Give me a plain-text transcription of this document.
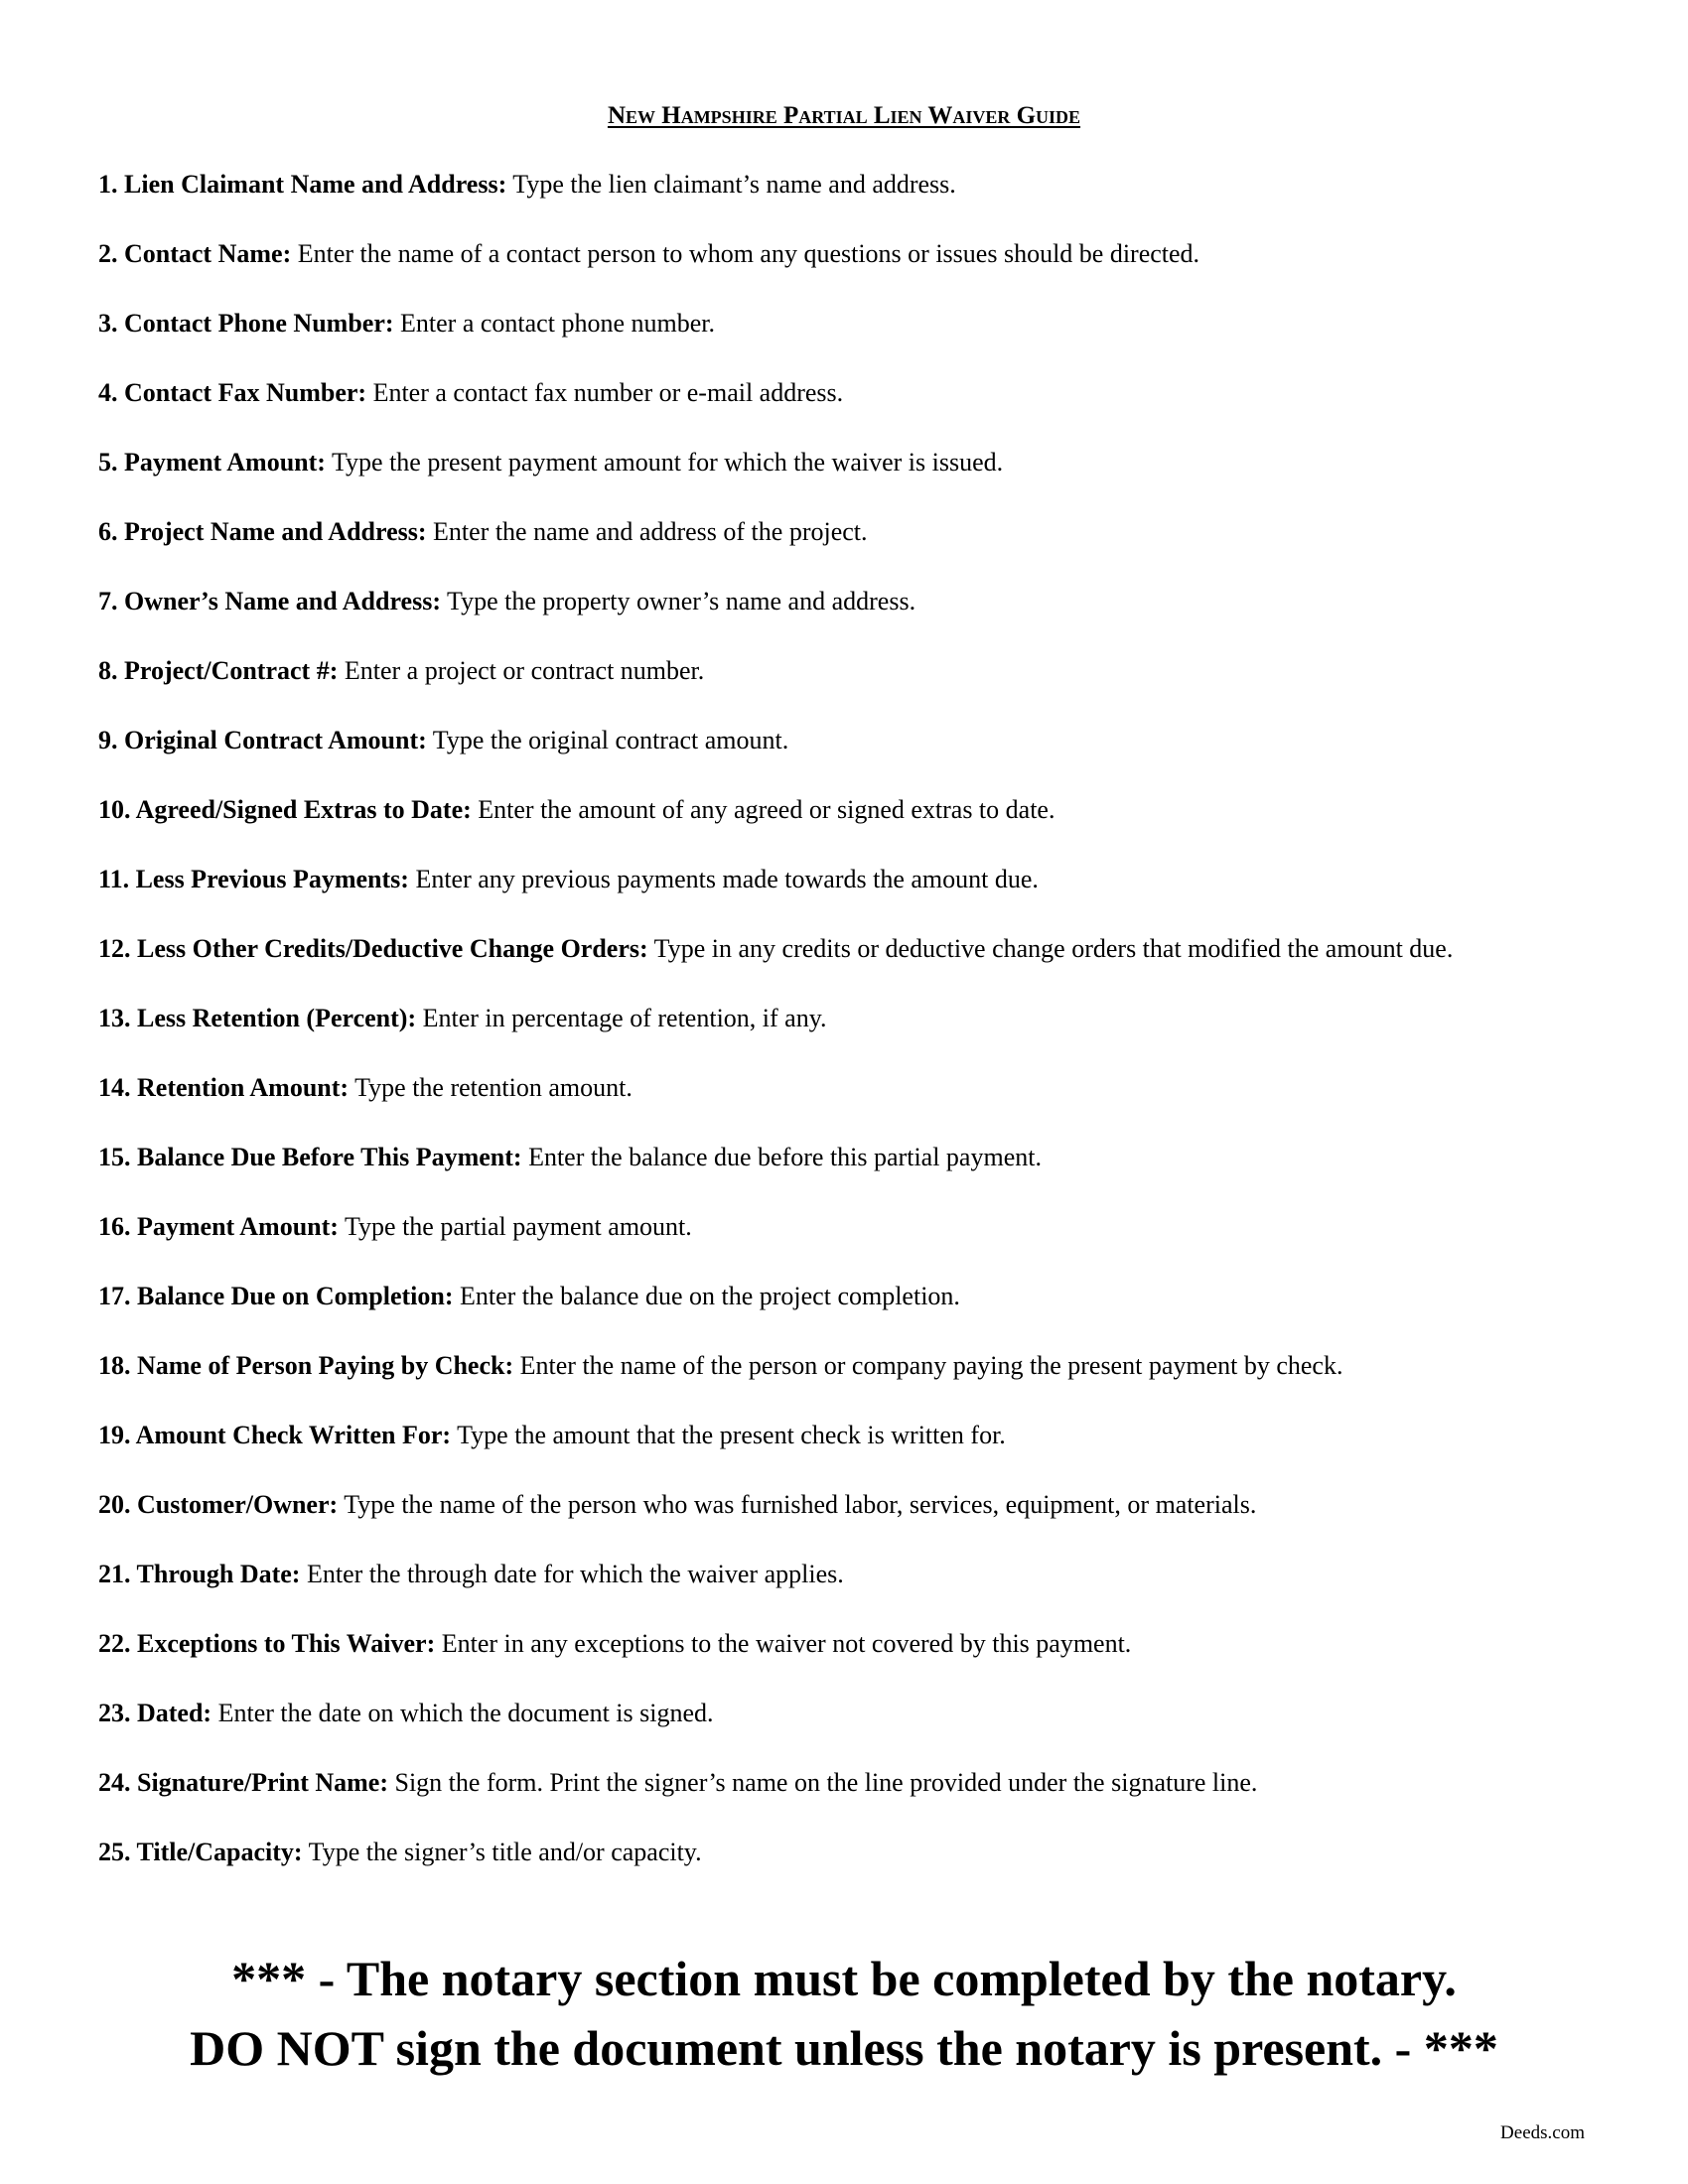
New Hampshire Partial Lien Waiver Guide
1. Lien Claimant Name and Address: Type the lien claimant’s name and address.
2. Contact Name: Enter the name of a contact person to whom any questions or issues should be directed.
3. Contact Phone Number: Enter a contact phone number.
4. Contact Fax Number: Enter a contact fax number or e-mail address.
5. Payment Amount: Type the present payment amount for which the waiver is issued.
6. Project Name and Address: Enter the name and address of the project.
7. Owner’s Name and Address: Type the property owner’s name and address.
8. Project/Contract #: Enter a project or contract number.
9. Original Contract Amount: Type the original contract amount.
10. Agreed/Signed Extras to Date: Enter the amount of any agreed or signed extras to date.
11. Less Previous Payments: Enter any previous payments made towards the amount due.
12. Less Other Credits/Deductive Change Orders: Type in any credits or deductive change orders that modified the amount due.
13. Less Retention (Percent): Enter in percentage of retention, if any.
14. Retention Amount: Type the retention amount.
15. Balance Due Before This Payment: Enter the balance due before this partial payment.
16. Payment Amount: Type the partial payment amount.
17. Balance Due on Completion: Enter the balance due on the project completion.
18. Name of Person Paying by Check: Enter the name of the person or company paying the present payment by check.
19. Amount Check Written For: Type the amount that the present check is written for.
20. Customer/Owner: Type the name of the person who was furnished labor, services, equipment, or materials.
21. Through Date: Enter the through date for which the waiver applies.
22. Exceptions to This Waiver: Enter in any exceptions to the waiver not covered by this payment.
23. Dated: Enter the date on which the document is signed.
24. Signature/Print Name: Sign the form. Print the signer’s name on the line provided under the signature line.
25. Title/Capacity: Type the signer’s title and/or capacity.
*** - The notary section must be completed by the notary.
DO NOT sign the document unless the notary is present. - ***
Deeds.com
